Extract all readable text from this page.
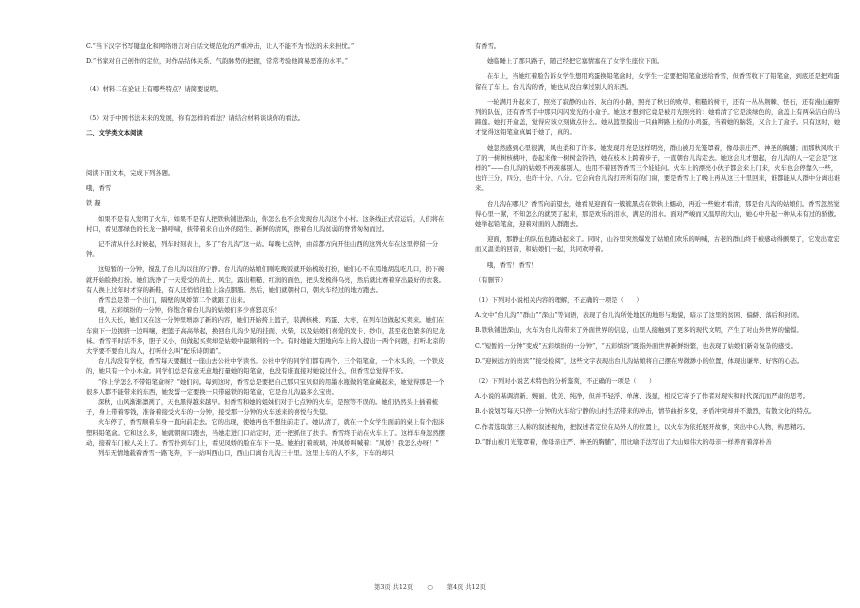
C.“当下汉字书写键盘化和网络语言对自话文规范化的严重冲击，让人不能不为书法的未来担忧。”

D.“书家对自己创作的定位，对作品结体关系、气韵脉势的把握，常常考验他简易恶准的水平。”

（4）材料二在论证上有哪些特点？请简要说明。

（5）对于中国书法未来的发展，你有怎样的看法？请结合材料谈谈你的看法。

二、文学类文本阅读

阅读下面文本，完成下列各题。

哦，香雪

铁 凝

如果不是有人发明了火车，如果不是有人把铁轨铺进深山，你怎么也不会发现台儿沟这个小村。这条线正式营运后，人们将在村口，看见那绿色的长龙一路呼啸，挟带着来自山外的陌生、新鲜的清风，擦着台儿沟贫弱的脊背匆匆而过。

记不清从什么时候起，列车时刻表上，多了“台儿沟”这一站。每晚七点钟，由首都方向开往山西的这列火车在这里停留一分钟。

这短暂的一分钟，搅乱了台儿沟以往的宁静。台儿沟的姑娘们刚吃晚饭就开始梳妆打扮，她们心不在焉地胡乱吃几口，扔下碗就开始脸换打扮。她们洗净了一天爱受的黄土、风尘，露出粗糙、红润的面色，把头发梳得乌亮，然后就比赛着穿出最好的衣裳。有人换上过年时才穿的新鞋，有人还悄悄往脸上涂点胭脂。然后，她们就朝村口，朝火车经过的地方跑去。

香雪总是第一个出门，隔壁的凤娇第二个就跟了出来。

哦，五彩缤纷的一分钟，你饱含着台儿沟的姑娘们多少喜怒哀乐！

日久天长，她们又在这一分钟里增添了新的内容，她们开始挎上篮子，装满核桃、鸡蛋、大枣，在列车边做起买卖来。她们在车窗下一边拥挤一边叫嚷，把篮子高高举起，换回台儿沟少见的挂面、火柴，以及姑娘们喜爱的发卡、纱巾，甚至花色繁多的尼龙袜。香雪平时话不多，胆子又小，但做起买卖却是姑娘中最顺利的一个。有时她能大胆地向车上的人提出一两个问题，打听北京的大学要不要台儿沟人，打听什么叫“配乐诗朗诵”。

台儿沟没有学校，香雪每天要翻过一座山去公社中学读书。公社中学的同学们都有两个、三个铅笔盒，一个木头的，一个铁皮的，她只有一个小木盒。同学们总是有意无意地打量她的铅笔盒，也没有谁直接对她说过什么，但香雪总觉得不安。

“你上学怎么不带铅笔盒呀？”她们问。每到这时，香雪总是要把自己那只宝贝似的用墨水瓶做的笔盒藏起来，她觉得那是一个很多人都不能带来的东西，她发誓一定要换一只带磁铁的铅笔盒，它是台儿沟最多么宝贵。

深秋，山风渐渐凛冽了，天也黑得越来越早。但香雪和她的姐妹们对于七点钟的火车，是照等不误的。她们仍然头上插着梳子，身上带着零钱，准备着接受火车的一分钟，接受那一分钟的火车送来的喜悦与失望。

火车停了，香雪顺着车身一直向前走去。它的出现，使她再也不想往前走了。她认清了，就在一个女学生面前的桌上有个泡沫塑料铅笔盒。它和这么多，她就朝窗口跑去，当她走进门口站定时，还一把抓住了扶手。香雪终于站在火车上了。这样车身忽然摆动，接着车门被人关上了。香雪扑到车门上，看见凤娇的脸在车下一晃。她拍打着玻璃，冲凤娇叫喊着：“凤娇！我怎么办呀！”

列车无情地载着香雪一路飞奔，下一站叫西山口，西山口离台儿沟三十里。这里上车的人不多，下车的却只

有香雪。

她临睡上了那只路子，随己经把它塞情塞在了女学生座位下面。

在车上，当她红着脸告诉女学生想用鸡蛋换铅笔盒时，女学生一定要把铅笔盒送给香雪，但香雪收下了铅笔盒，到底还是把鸡蛋留在了车上。台儿沟的香，她也从没白拿过别人的东西。

一轮满月升起来了，照亮了寂静的山谷、灰白的小路，照亮了秋日的败草、粗糙的树干，还有一丛丛荆棘、怪石，还有漫山遍野列的队伍，还有香雪手中那只闪闪发光的小盒子。她这才想到它竟是被月光照亮的：她看清了它是淡绿色的，盒盖上有两朵洁白的马蹄莲。她打开盒盖，觉得应该立刻做点什么。她从篮里摸出一只曲辫路上检的小鸡蛋，当着她的脑袋，又合上了盒子。只有这时，她才觉得这铅笔盒真属于她了，真的。

她忽然感到心里很满，风也柔和了许多。她发现月亮是这样明亮，群山被月光笼罩着，像母亲庄严、神圣的胸脯；而那秋风吹干了的一树树核桃叶，卷起来像一树树金铃铛，她在枝木上跨着步子，一直朝台儿沟走去。她这会儿才想起，台儿沟的人一定会是“这样的”——台儿沟的姑娘不再羡慕别人，也用不着回答香雪三个娃娃问。火车上的漂亮小伙子都会来上门来，火车也会停靠久一些，也许三分，四分，也许十分、八分。它会向台儿沟打开所有的门窗，要是香雪上了晚上再从这三十里回来，谁都能从人群中分离出谁来。

台儿沟在哪儿？香雪向前望去，她看见迎面有一簇簇黑点在铁轨上蠕动，再近一些她才看清，那是台儿沟的姑娘们。香雪忽然觉得心里一紧，不知怎么的就哭了起来，那是欢乐的泪水，满足的泪水。面对严峻而又温厚的大山，她心中升起一种从未有过的骄傲。她举起铅笔盒，迎着对面的人群跑去。

迎面，那静止的队伍也跑动起来了。同时，山谷里突然爆发了姑娘们欢乐的呐喊，古老的群山终于被感动得颤栗了，它发出宽宏而又温柔的回音，和姑娘们一起，共同欢呼着。

哦，香雪！香雪！

（有删节）

（1）下列对小说相关内容的理解，不正确的一项是（　　）

A.文中“台儿沟”“群山”“深山”等词语，表现了台儿沟所处地区的地形与地貌，暗示了这里的贫困、偏僻、落后和封闭。

B.铁轨铺进深山，火车为台儿沟带来了外面世界的信息，山里人接触到了更多的现代文明，产生了对山外世界的憧憬。

C.“短暂的一分钟”变成“五彩缤纷的一分钟”，“五彩缤纷”既指外面世界新鲜纷繁，也表现了姑娘们新奇复杂的感受。

D.“迎候远方的贵宾”“接受检阅”，这些文字表现出台儿沟姑娘将自己摆在卑微渺小的位置，体现出谦卑、好客的心态。

（2）下列对小说艺术特色的分析鉴赏，不正确的一项是（　　）

A.小说的基调清新、婉丽、优美、纯净，但并不轻浮、单薄、浅显，相反它寄予了作者对现实和时代深沉而严肃的思考。

B.小说划写每天只停一分钟的火车给宁静的山村生活带来的冲击，情节曲折多变，矛盾冲突却并不激烈，有散文化的特点。

C.作者选取第三人称的叙述视角，把叙述者定位在局外人的位置上，以火车为依托展开故事，突出中心人物，构思精巧。

D.“群山被月光笼罩着，像母亲庄严、神圣的胸脯”，用比喻手法写出了大山如伟大的母亲一样养育着淳朴善

第3页 共12页 ○ 第4页 共12页
